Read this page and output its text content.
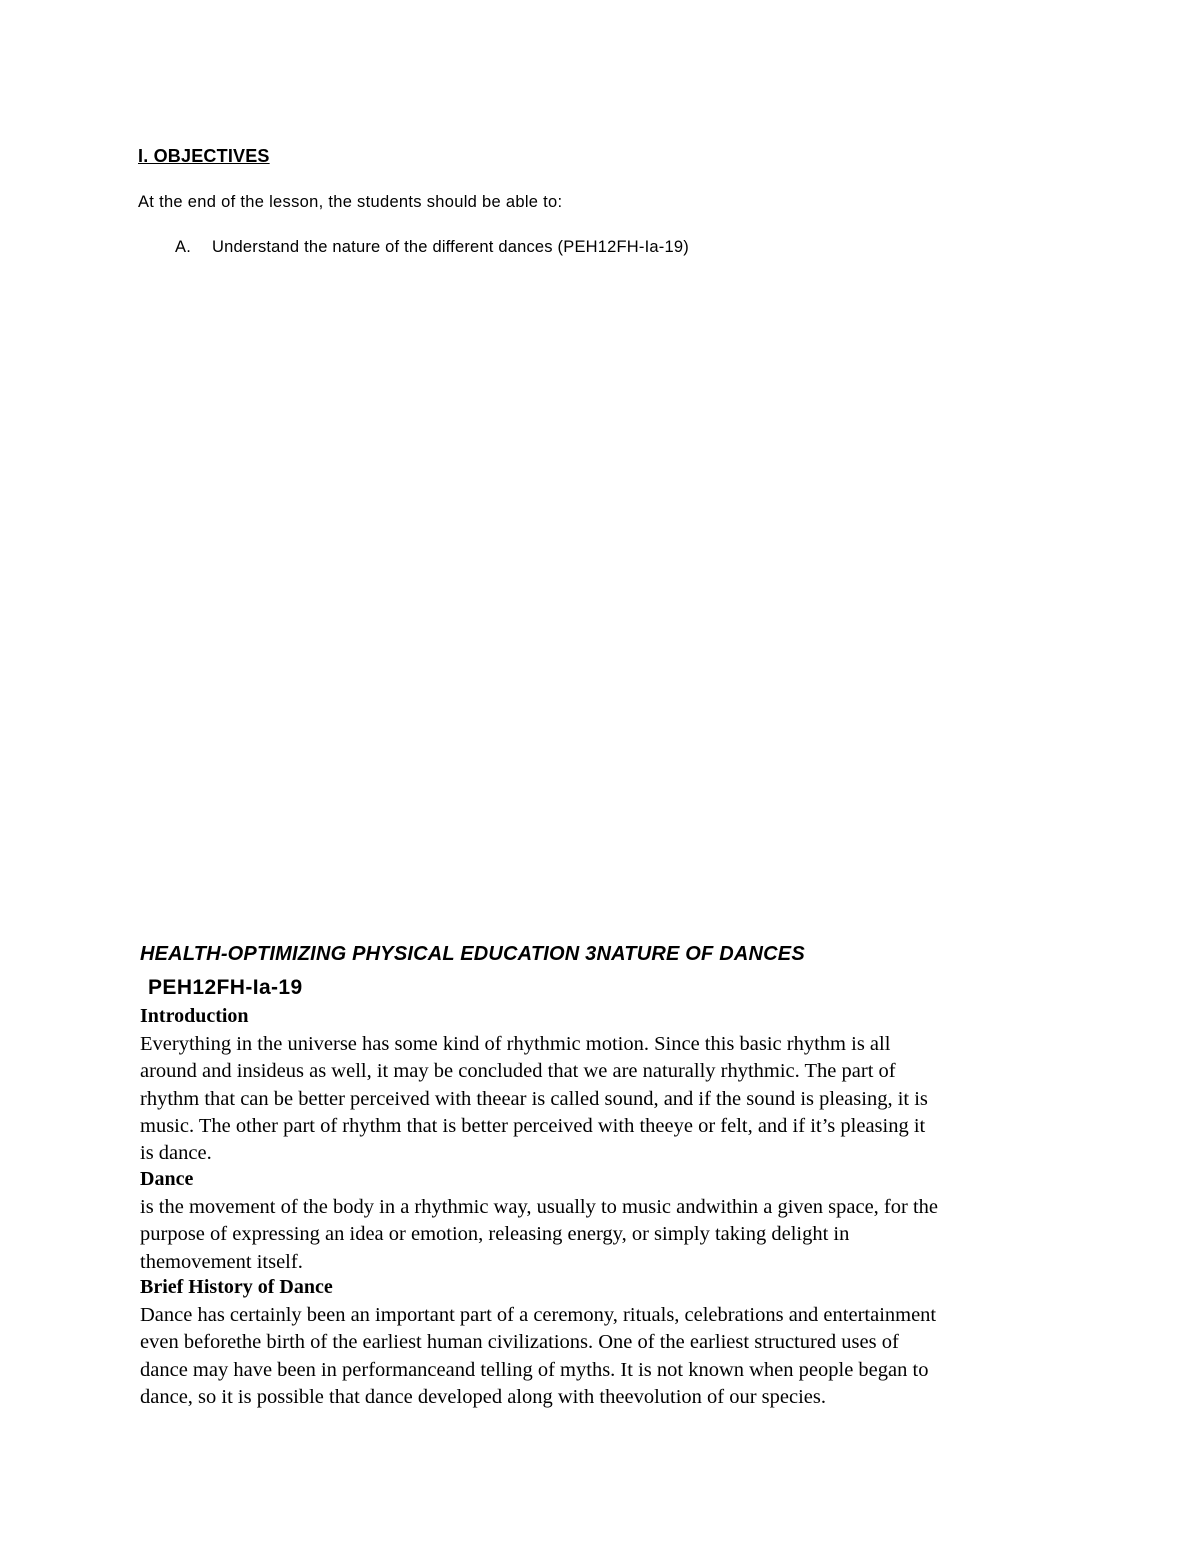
I. OBJECTIVES
At the end of the lesson, the students should be able to:
A. Understand the nature of the different dances (PEH12FH-Ia-19)
HEALTH-OPTIMIZING PHYSICAL EDUCATION 3NATURE OF DANCES
PEH12FH-Ia-19
Introduction
Everything in the universe has some kind of rhythmic motion. Since this basic rhythm is all
around and insideus as well, it may be concluded that we are naturally rhythmic. The part of
rhythm that can be better perceived with theear is called sound, and if the sound is pleasing, it is
music. The other part of rhythm that is better perceived with theeye or felt, and if it’s pleasing it
is dance.
Dance
is the movement of the body in a rhythmic way, usually to music andwithin a given space, for the
purpose of expressing an idea or emotion, releasing energy, or simply taking delight in
themovement itself.
Brief History of Dance
Dance has certainly been an important part of a ceremony, rituals, celebrations and entertainment
even beforethe birth of the earliest human civilizations. One of the earliest structured uses of
dance may have been in performanceand telling of myths. It is not known when people began to
dance, so it is possible that dance developed along with theevolution of our species.
